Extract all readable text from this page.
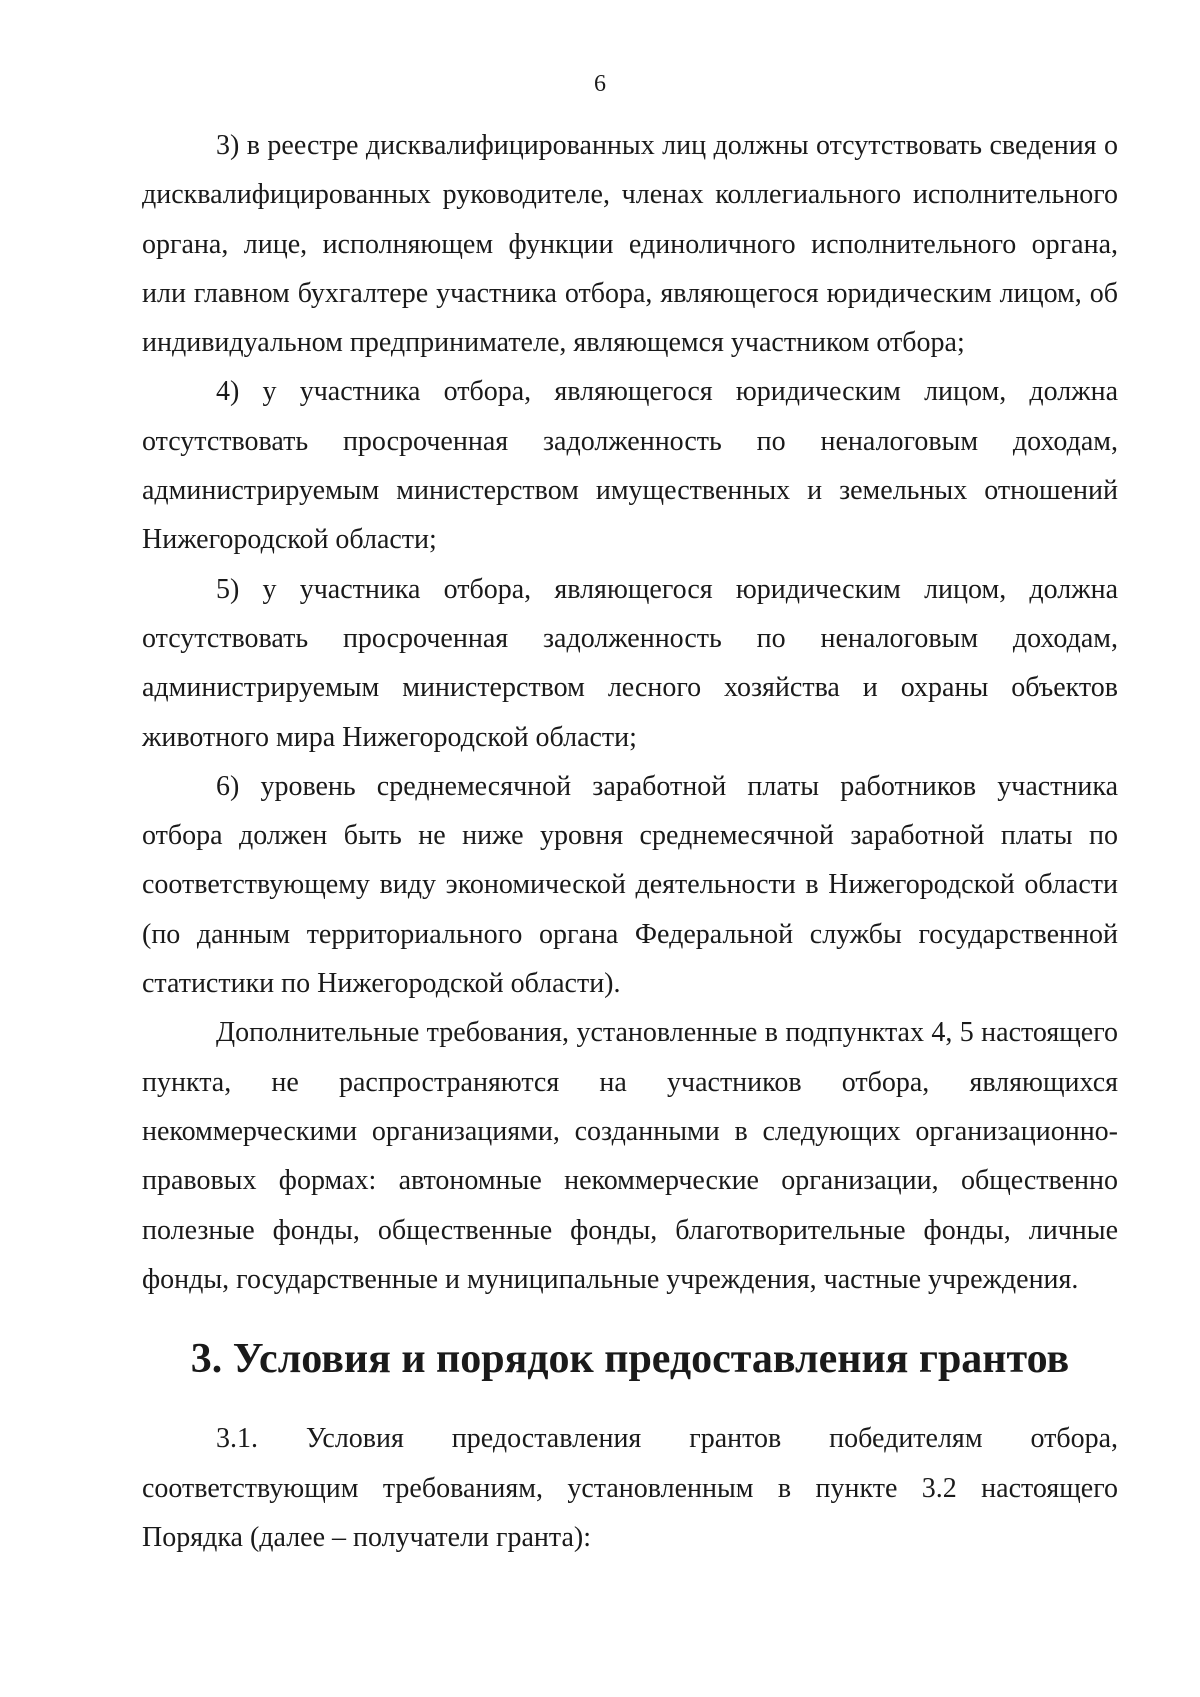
6

3) в реестре дисквалифицированных лиц должны отсутствовать сведения о дисквалифицированных руководителе, членах коллегиального исполнительного органа, лице, исполняющем функции единоличного исполнительного органа, или главном бухгалтере участника отбора, являющегося юридическим лицом, об индивидуальном предпринимателе, являющемся участником отбора;

4) у участника отбора, являющегося юридическим лицом, должна отсутствовать просроченная задолженность по неналоговым доходам, администрируемым министерством имущественных и земельных отношений Нижегородской области;

5) у участника отбора, являющегося юридическим лицом, должна отсутствовать просроченная задолженность по неналоговым доходам, администрируемым министерством лесного хозяйства и охраны объектов животного мира Нижегородской области;

6) уровень среднемесячной заработной платы работников участника отбора должен быть не ниже уровня среднемесячной заработной платы по соответствующему виду экономической деятельности в Нижегородской области (по данным территориального органа Федеральной службы государственной статистики по Нижегородской области).

Дополнительные требования, установленные в подпунктах 4, 5 настоящего пункта, не распространяются на участников отбора, являющихся некоммерческими организациями, созданными в следующих организационно-правовых формах: автономные некоммерческие организации, общественно полезные фонды, общественные фонды, благотворительные фонды, личные фонды, государственные и муниципальные учреждения, частные учреждения.

3. Условия и порядок предоставления грантов

3.1. Условия предоставления грантов победителям отбора, соответствующим требованиям, установленным в пункте 3.2 настоящего Порядка (далее – получатели гранта):
